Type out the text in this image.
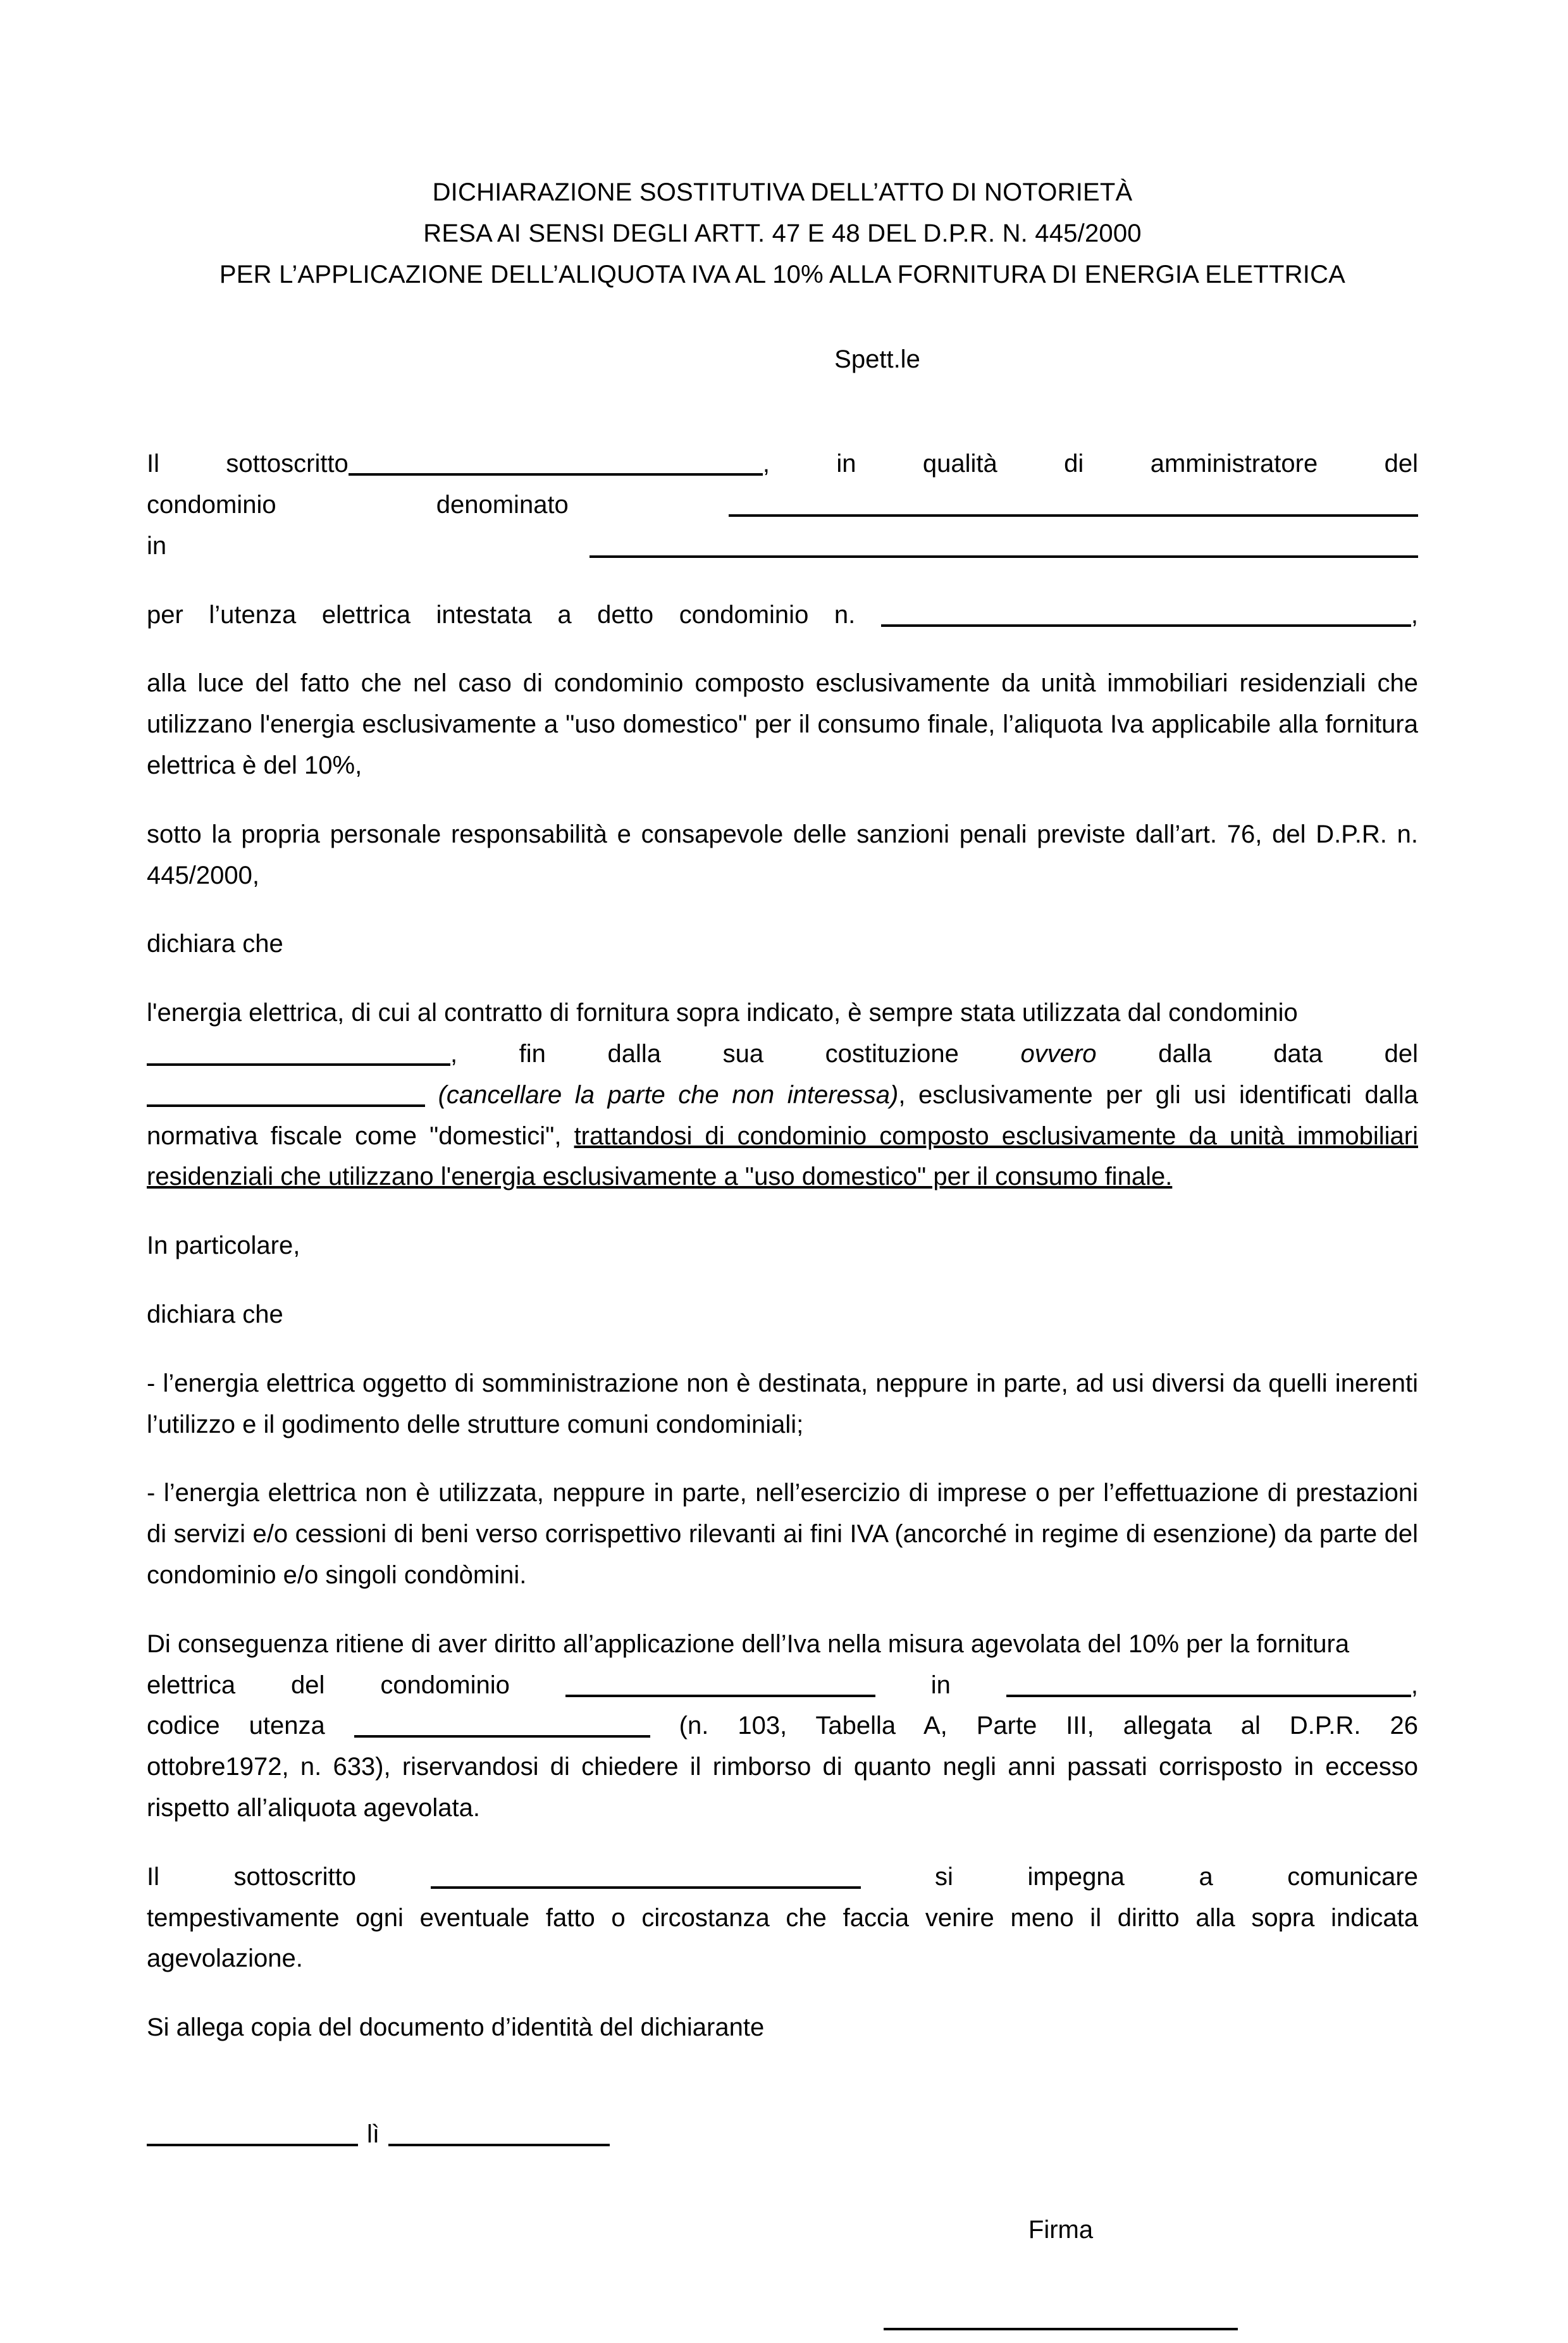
DICHIARAZIONE SOSTITUTIVA DELL’ATTO DI NOTORIETÀ
RESA AI SENSI DEGLI ARTT. 47 E 48 DEL D.P.R. N. 445/2000
PER L’APPLICAZIONE DELL’ALIQUOTA IVA AL 10% ALLA FORNITURA DI ENERGIA ELETTRICA
Spett.le

Il sottoscritto	, in qualità di amministratore del

condominio denominato

in

per l’utenza elettrica intestata a detto condominio n.	,

alla luce del fatto che nel caso di condominio composto esclusivamente da unità immobiliari residenziali che utilizzano l'energia esclusivamente a "uso domestico" per il consumo finale, l’aliquota Iva applicabile alla fornitura elettrica è del 10%,

sotto la propria personale responsabilità e consapevole delle sanzioni penali previste dall’art. 76, del D.P.R. n. 445/2000,

dichiara che

l'energia elettrica, di cui al contratto di fornitura sopra indicato, è sempre stata utilizzata dal condominio

, fin dalla sua costituzione ovvero dalla data del

(cancellare la parte che non interessa), esclusivamente per gli usi identificati dalla normativa fiscale come "domestici", trattandosi di condominio composto esclusivamente da unità immobiliari residenziali che utilizzano l'energia esclusivamente a "uso domestico" per il consumo finale.

In particolare,

dichiara che

- l’energia elettrica oggetto di somministrazione non è destinata, neppure in parte, ad usi diversi da quelli inerenti l’utilizzo e il godimento delle strutture comuni condominiali;

- l’energia elettrica non è utilizzata, neppure in parte, nell’esercizio di imprese o per l’effettuazione di prestazioni di servizi e/o cessioni di beni verso corrispettivo rilevanti ai fini IVA (ancorché in regime di esenzione) da parte del condominio e/o singoli condòmini.

Di conseguenza ritiene di aver diritto all’applicazione dell’Iva nella misura agevolata del 10% per la fornitura

elettrica del condominio	in	,

codice utenza	(n. 103, Tabella A, Parte III, allegata al D.P.R. 26

ottobre1972, n. 633), riservandosi di chiedere il rimborso di quanto negli anni passati corrisposto in eccesso rispetto all’aliquota agevolata.

Il sottoscritto	si impegna a comunicare

tempestivamente ogni eventuale fatto o circostanza che faccia venire meno il diritto alla sopra indicata agevolazione.

Si allega copia del documento d’identità del dichiarante

lì
Firma
